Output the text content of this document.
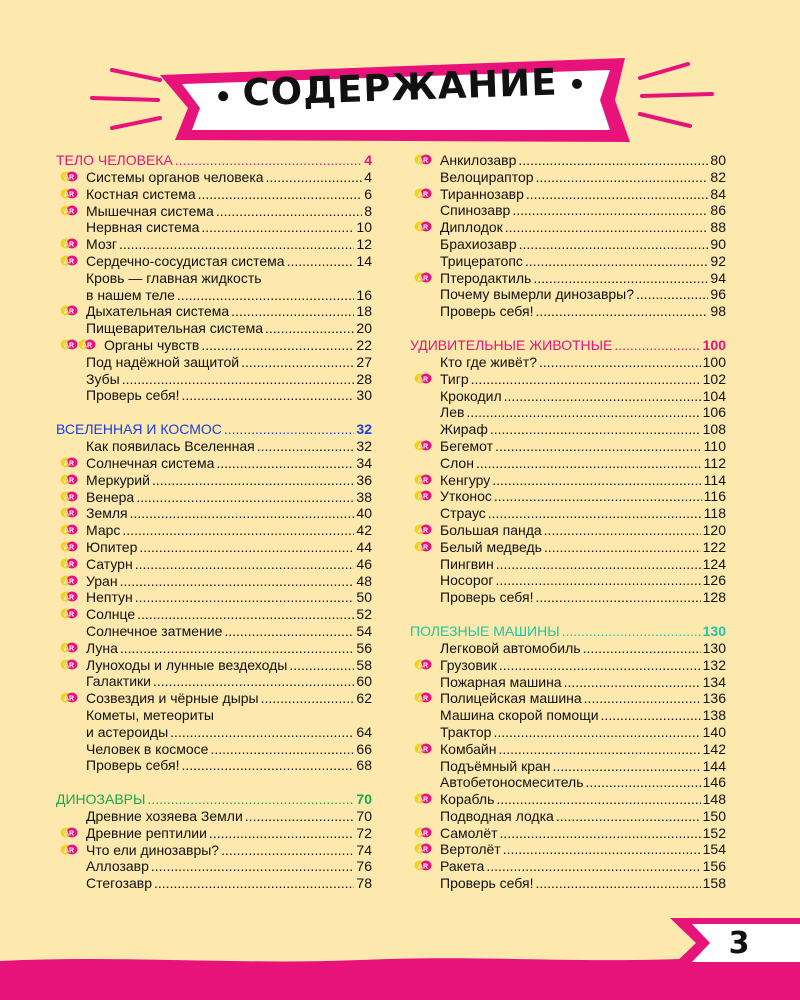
СОДЕРЖАНИЕ
ТЕЛО ЧЕЛОВЕКА .....	4
AR Системы органов человека .....	4
AR Костная система .....	6
AR Мышечная система .....	8
Нервная система .....	10
AR Мозг .....	12
AR Сердечно-сосудистая система .....	14
Кровь — главная жидкость
в нашем теле .....	16
AR Дыхательная система .....	18
Пищеварительная система .....	20
AR AR Органы чувств .....	22
Под надёжной защитой .....	27
Зубы .....	28
Проверь себя! .....	30
ВСЕЛЕННАЯ И КОСМОС .....	32
Как появилась Вселенная .....	32
AR Солнечная система .....	34
AR Меркурий .....	36
AR Венера .....	38
AR Земля .....	40
AR Марс .....	42
AR Юпитер .....	44
AR Сатурн .....	46
AR Уран .....	48
AR Нептун .....	50
AR Солнце .....	52
Солнечное затмение .....	54
AR Луна .....	56
AR Луноходы и лунные вездеходы .....	58
Галактики .....	60
AR Созвездия и чёрные дыры .....	62
Кометы, метеориты
и астероиды .....	64
Человек в космосе .....	66
Проверь себя! .....	68
ДИНОЗАВРЫ .....	70
Древние хозяева Земли .....	70
AR Древние рептилии .....	72
AR Что ели динозавры? .....	74
Аллозавр .....	76
Стегозавр .....	78
AR Анкилозавр .....	80
Велоцираптор .....	82
AR Тираннозавр .....	84
Спинозавр .....	86
AR Диплодок .....	88
Брахиозавр .....	90
Трицератопс .....	92
AR Птеродактиль .....	94
Почему вымерли динозавры? .....	96
Проверь себя! .....	98
УДИВИТЕЛЬНЫЕ ЖИВОТНЫЕ .....	100
Кто где живёт? .....	100
AR Тигр .....	102
Крокодил .....	104
Лев .....	106
Жираф .....	108
AR Бегемот .....	110
Слон .....	112
AR Кенгуру .....	114
AR Утконос .....	116
Страус .....	118
AR Большая панда .....	120
AR Белый медведь .....	122
Пингвин .....	124
Носорог .....	126
Проверь себя! .....	128
ПОЛЕЗНЫЕ МАШИНЫ .....	130
Легковой автомобиль .....	130
AR Грузовик .....	132
Пожарная машина .....	134
AR Полицейская машина .....	136
Машина скорой помощи .....	138
Трактор .....	140
AR Комбайн .....	142
Подъёмный кран .....	144
Автобетоносмеситель .....	146
AR Корабль .....	148
Подводная лодка .....	150
AR Самолёт .....	152
AR Вертолёт .....	154
AR Ракета .....	156
Проверь себя! .....	158
3
